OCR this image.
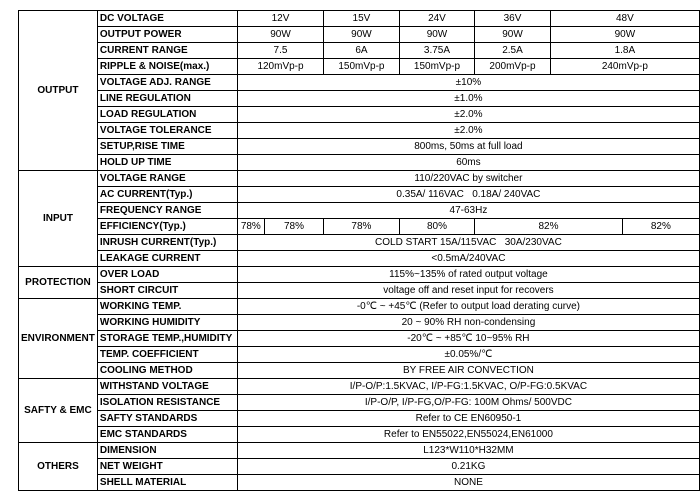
OUTPUT	DC VOLTAGE	12V		15V	24V	36V	48V	
	OUTPUT POWER	90W		90W	90W	90W	90W	
	CURRENT RANGE	7.5		6A	3.75A	2.5A	1.8A	
	RIPPLE & NOISE(max.)	120mVp-p		150mVp-p	150mVp-p	200mVp-p	240mVp-p	
	VOLTAGE ADJ. RANGE	±10%						
	LINE REGULATION	±1.0%						
	LOAD REGULATION	±2.0%						
	VOLTAGE TOLERANCE	±2.0%						
	SETUP,RISE TIME	800ms, 50ms at full load						
	HOLD UP TIME	60ms						
INPUT	VOLTAGE RANGE	110/220VAC by switcher						
	AC CURRENT(Typ.)	0.35A/ 116VAC   0.18A/ 240VAC						
	FREQUENCY RANGE	47-63Hz						
	EFFICIENCY(Typ.)	78%	78%	78%	80%	82%		82%
	INRUSH CURRENT(Typ.)	COLD START 15A/115VAC   30A/230VAC						
	LEAKAGE CURRENT	<0.5mA/240VAC						
PROTECTION	OVER LOAD	115%~135% of rated output voltage						
	SHORT CIRCUIT	voltage off and reset input for recovers						
ENVIRONMENT	WORKING TEMP.	-0℃ ~ +45℃ (Refer to output load derating curve)						
	WORKING HUMIDITY	20 ~ 90% RH non-condensing						
	STORAGE TEMP.,HUMIDITY	-20℃ ~ +85℃ 10~95% RH						
	TEMP. COEFFICIENT	±0.05%/℃						
	COOLING METHOD	BY FREE AIR CONVECTION						
SAFTY & EMC	WITHSTAND VOLTAGE	I/P-O/P:1.5KVAC, I/P-FG:1.5KVAC, O/P-FG:0.5KVAC						
	ISOLATION RESISTANCE	I/P-O/P, I/P-FG,O/P-FG: 100M Ohms/ 500VDC						
	SAFTY STANDARDS	Refer to CE EN60950-1						
	EMC STANDARDS	Refer to EN55022,EN55024,EN61000						
OTHERS	DIMENSION	L123*W110*H32MM						
	NET WEIGHT	0.21KG						
	SHELL MATERIAL	NONE						
